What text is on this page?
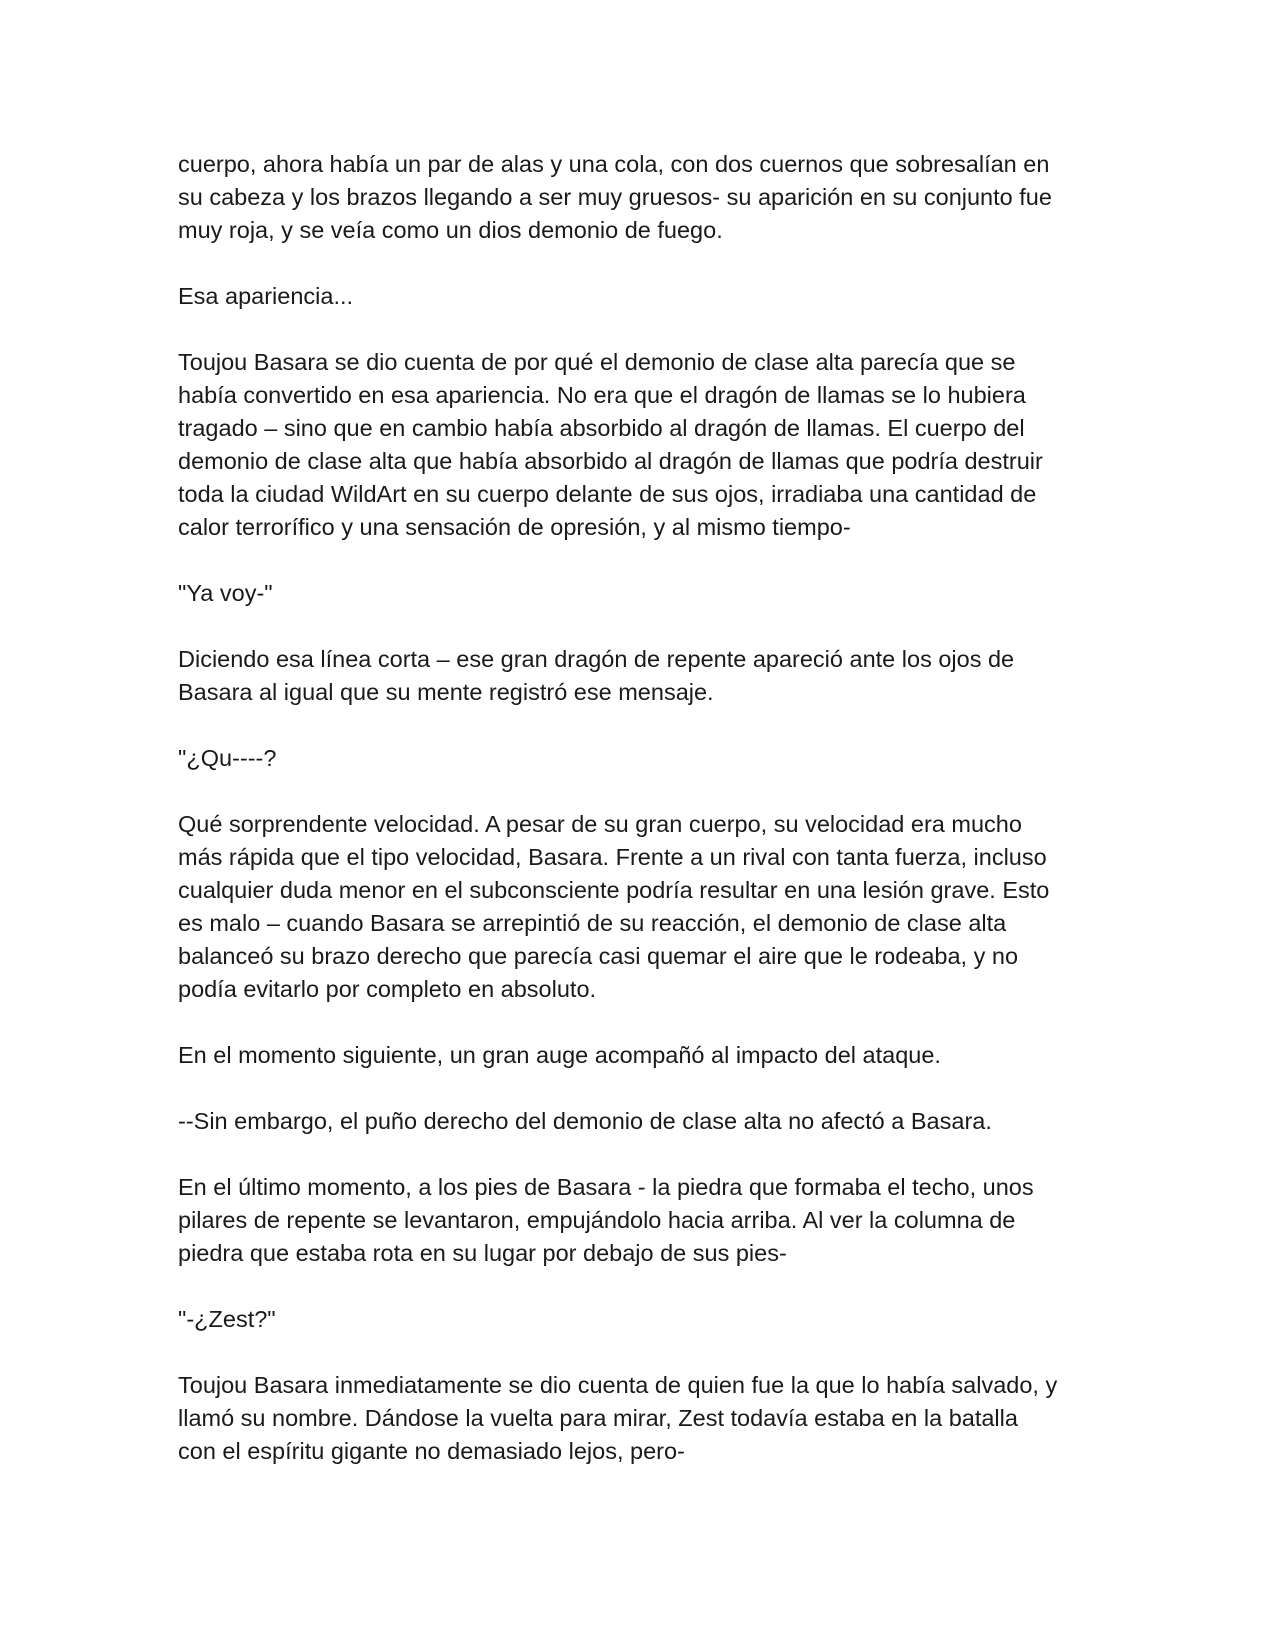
cuerpo, ahora había un par de alas y una cola, con dos cuernos que sobresalían en
su cabeza y los brazos llegando a ser muy gruesos- su aparición en su conjunto fue
muy roja, y se veía como un dios demonio de fuego.

Esa apariencia...

Toujou Basara se dio cuenta de por qué el demonio de clase alta parecía que se
había convertido en esa apariencia. No era que el dragón de llamas se lo hubiera
tragado – sino que en cambio había absorbido al dragón de llamas. El cuerpo del
demonio de clase alta que había absorbido al dragón de llamas que podría destruir
toda la ciudad WildArt en su cuerpo delante de sus ojos, irradiaba una cantidad de
calor terrorífico y una sensación de opresión, y al mismo tiempo-

"Ya voy-"

Diciendo esa línea corta – ese gran dragón de repente apareció ante los ojos de
Basara al igual que su mente registró ese mensaje.

"¿Qu----?

Qué sorprendente velocidad. A pesar de su gran cuerpo, su velocidad era mucho
más rápida que el tipo velocidad, Basara. Frente a un rival con tanta fuerza, incluso
cualquier duda menor en el subconsciente podría resultar en una lesión grave. Esto
es malo – cuando Basara se arrepintió de su reacción, el demonio de clase alta
balanceó su brazo derecho que parecía casi quemar el aire que le rodeaba, y no
podía evitarlo por completo en absoluto.

En el momento siguiente, un gran auge acompañó al impacto del ataque.

--Sin embargo, el puño derecho del demonio de clase alta no afectó a Basara.

En el último momento, a los pies de Basara - la piedra que formaba el techo, unos
pilares de repente se levantaron, empujándolo hacia arriba. Al ver la columna de
piedra que estaba rota en su lugar por debajo de sus pies-

"-¿Zest?"

Toujou Basara inmediatamente se dio cuenta de quien fue la que lo había salvado, y
llamó su nombre. Dándose la vuelta para mirar, Zest todavía estaba en la batalla
con el espíritu gigante no demasiado lejos, pero-
